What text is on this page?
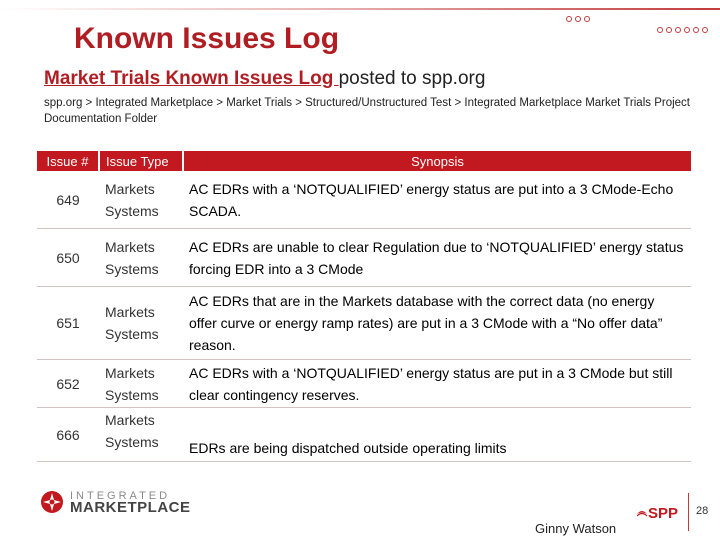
Known Issues Log
Market Trials Known Issues Log posted to spp.org
spp.org > Integrated Marketplace > Market Trials > Structured/Unstructured Test > Integrated Marketplace Market Trials Project Documentation Folder
Issue #	Issue Type	Synopsis
649	Markets Systems	AC EDRs with a ‘NOTQUALIFIED’ energy status are put into a 3 CMode-Echo SCADA.
650	Markets Systems	AC EDRs are unable to clear Regulation due to ‘NOTQUALIFIED’ energy status forcing EDR into a 3 CMode
651	Markets Systems	AC EDRs that are in the Markets database with the correct data (no energy offer curve or energy ramp rates) are put in a 3 CMode with a “No offer data” reason.
652	Markets Systems	AC EDRs with a ‘NOTQUALIFIED’ energy status are put in a 3 CMode but still clear contingency reserves.
666	Markets Systems	EDRs are being dispatched outside operating limits
INTEGRATED
MARKETPLACE
Ginny Watson
SPP 28
